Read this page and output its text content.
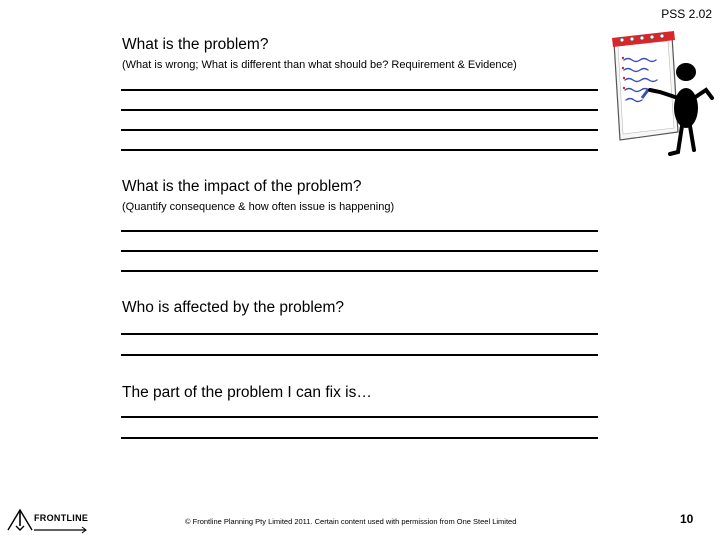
PSS 2.02
What is the problem?
(What is wrong; What is different than what should be? Requirement & Evidence)
What is the impact of the problem?
(Quantify consequence & how often issue is happening)
Who is affected by the problem?
The part of the problem I can fix is…
FRONTLINE	© Frontline Planning Pty Limited 2011. Certain content used with permission from One Steel Limited	10
